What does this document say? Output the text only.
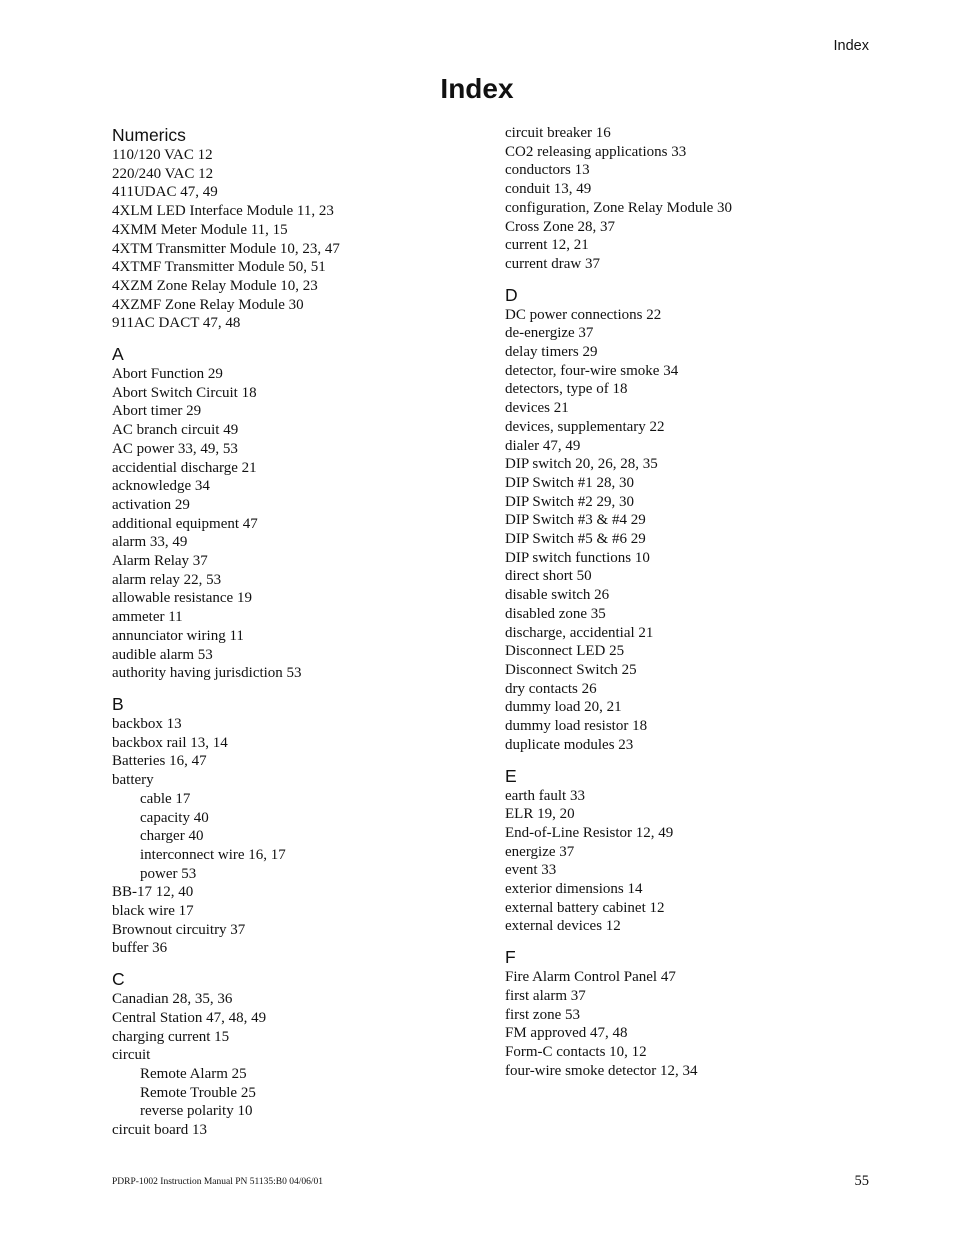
Index
Index
Numerics
110/120 VAC 12
220/240 VAC 12
411UDAC 47, 49
4XLM LED Interface Module 11, 23
4XMM Meter Module 11, 15
4XTM Transmitter Module 10, 23, 47
4XTMF Transmitter Module 50, 51
4XZM Zone Relay Module 10, 23
4XZMF Zone Relay Module 30
911AC DACT 47, 48
A
Abort Function 29
Abort Switch Circuit 18
Abort timer 29
AC branch circuit 49
AC power 33, 49, 53
accidential discharge 21
acknowledge 34
activation 29
additional equipment 47
alarm 33, 49
Alarm Relay 37
alarm relay 22, 53
allowable resistance 19
ammeter 11
annunciator wiring 11
audible alarm 53
authority having jurisdiction 53
B
backbox 13
backbox rail 13, 14
Batteries 16, 47
battery
cable 17
capacity 40
charger 40
interconnect wire 16, 17
power 53
BB-17 12, 40
black wire 17
Brownout circuitry 37
buffer 36
C
Canadian 28, 35, 36
Central Station 47, 48, 49
charging current 15
circuit
Remote Alarm 25
Remote Trouble 25
reverse polarity 10
circuit board 13
circuit breaker 16
CO2 releasing applications 33
conductors 13
conduit 13, 49
configuration, Zone Relay Module 30
Cross Zone 28, 37
current 12, 21
current draw 37
D
DC power connections 22
de-energize 37
delay timers 29
detector, four-wire smoke 34
detectors, type of 18
devices 21
devices, supplementary 22
dialer 47, 49
DIP switch 20, 26, 28, 35
DIP Switch #1 28, 30
DIP Switch #2 29, 30
DIP Switch #3 & #4 29
DIP Switch #5 & #6 29
DIP switch functions 10
direct short 50
disable switch 26
disabled zone 35
discharge, accidential 21
Disconnect LED 25
Disconnect Switch 25
dry contacts 26
dummy load 20, 21
dummy load resistor 18
duplicate modules 23
E
earth fault 33
ELR 19, 20
End-of-Line Resistor 12, 49
energize 37
event 33
exterior dimensions 14
external battery cabinet 12
external devices 12
F
Fire Alarm Control Panel 47
first alarm 37
first zone 53
FM approved 47, 48
Form-C contacts 10, 12
four-wire smoke detector 12, 34
PDRP-1002 Instruction Manual PN 51135:B0 04/06/01	55
